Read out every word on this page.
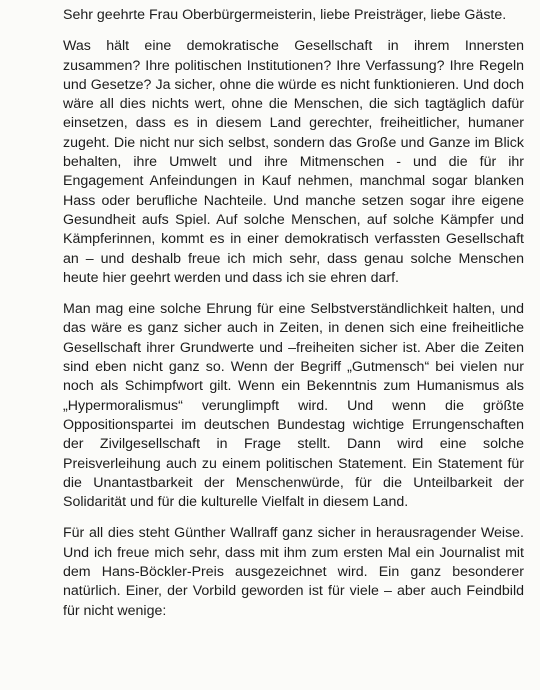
Sehr geehrte Frau Oberbürgermeisterin, liebe Preisträger, liebe Gäste.

Was hält eine demokratische Gesellschaft in ihrem Innersten zusammen? Ihre politischen Institutionen? Ihre Verfassung? Ihre Regeln und Gesetze? Ja sicher, ohne die würde es nicht funktionieren. Und doch wäre all dies nichts wert, ohne die Menschen, die sich tagtäglich dafür einsetzen, dass es in diesem Land gerechter, freiheitlicher, humaner zugeht. Die nicht nur sich selbst, sondern das Große und Ganze im Blick behalten, ihre Umwelt und ihre Mitmenschen - und die für ihr Engagement Anfeindungen in Kauf nehmen, manchmal sogar blanken Hass oder berufliche Nachteile. Und manche setzen sogar ihre eigene Gesundheit aufs Spiel. Auf solche Menschen, auf solche Kämpfer und Kämpferinnen, kommt es in einer demokratisch verfassten Gesellschaft an – und deshalb freue ich mich sehr, dass genau solche Menschen heute hier geehrt werden und dass ich sie ehren darf.

Man mag eine solche Ehrung für eine Selbstverständlichkeit halten, und das wäre es ganz sicher auch in Zeiten, in denen sich eine freiheitliche Gesellschaft ihrer Grundwerte und –freiheiten sicher ist. Aber die Zeiten sind eben nicht ganz so. Wenn der Begriff „Gutmensch“ bei vielen nur noch als Schimpfwort gilt. Wenn ein Bekenntnis zum Humanismus als „Hypermoralismus“ verunglimpft wird. Und wenn die größte Oppositionspartei im deutschen Bundestag wichtige Errungenschaften der Zivilgesellschaft in Frage stellt. Dann wird eine solche Preisverleihung auch zu einem politischen Statement. Ein Statement für die Unantastbarkeit der Menschenwürde, für die Unteilbarkeit der Solidarität und für die kulturelle Vielfalt in diesem Land.

Für all dies steht Günther Wallraff ganz sicher in herausragender Weise. Und ich freue mich sehr, dass mit ihm zum ersten Mal ein Journalist mit dem Hans-Böckler-Preis ausgezeichnet wird. Ein ganz besonderer natürlich. Einer, der Vorbild geworden ist für viele – aber auch Feindbild für nicht wenige:
